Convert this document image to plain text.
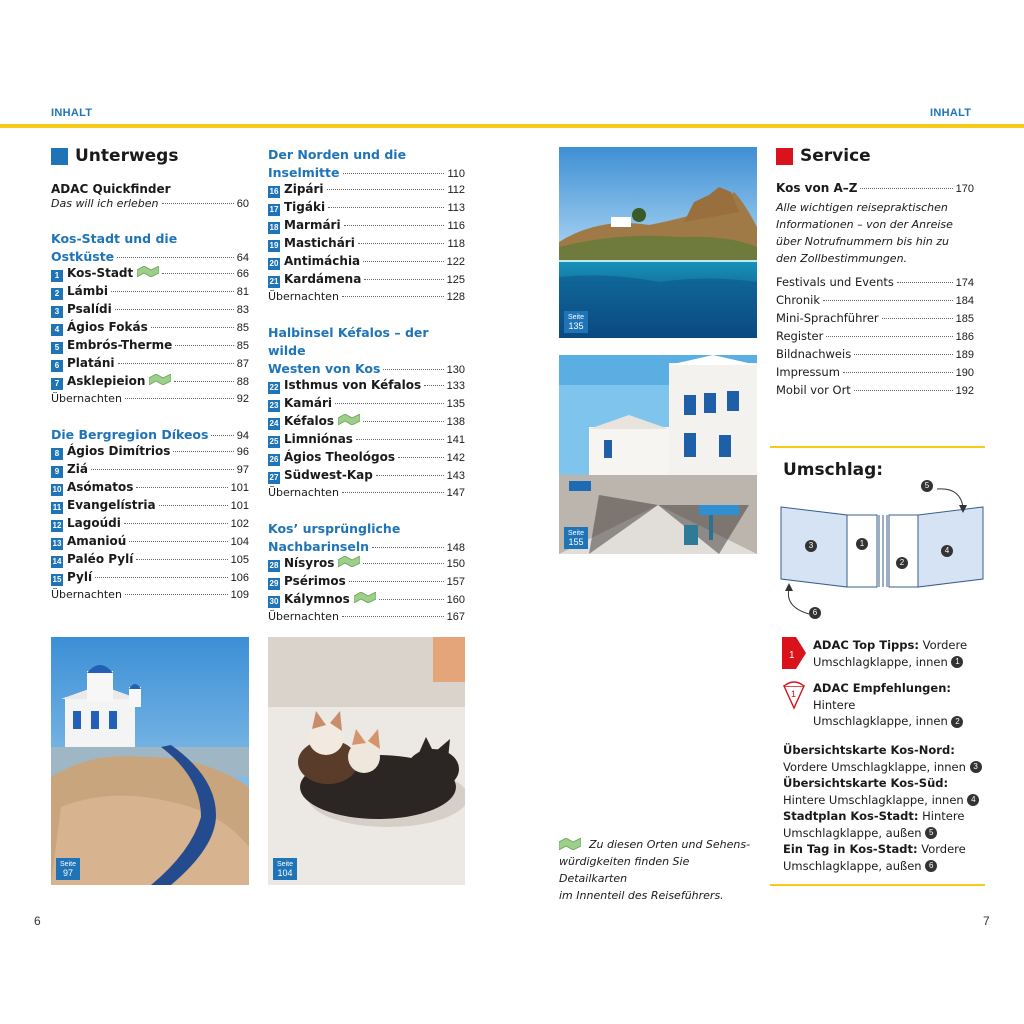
INHALT	INHALT
Unterwegs
ADAC Quickfinder
Das will ich erleben	60
Kos-Stadt und die
Ostküste	64
1 Kos-Stadt	66
2 Lámbi	81
3 Psalídi	83
4 Ágios Fokás	85
5 Embrós-Therme	85
6 Platáni	87
7 Asklepieion	88
Übernachten	92
Die Bergregion Díkeos	94
8 Ágios Dimítrios	96
9 Ziá	97
10 Asómatos	101
11 Evangelístria	101
12 Lagoúdi	102
13 Amanioú	104
14 Paléo Pylí	105
15 Pylí	106
Übernachten	109
Der Norden und die
Inselmitte	110
16 Zipári	112
17 Tigáki	113
18 Marmári	116
19 Mastichári	118
20 Antimáchia	122
21 Kardámena	125
Übernachten	128
Halbinsel Kéfalos – der wilde
Westen von Kos	130
22 Isthmus von Kéfalos 133
23 Kamári	135
24 Kéfalos	138
25 Limniónas	141
26 Ágios Theológos	142
27 Südwest-Kap	143
Übernachten	147
Kos’ ursprüngliche
Nachbarinseln	148
28 Nísyros	150
29 Psérimos	157
30 Kálymnos	160
Übernachten	167
Seite
97
Seite
104
Seite
135
Seite
155
Zu diesen Orten und Sehens-
würdigkeiten finden Sie Detailkarten
im Innenteil des Reiseführers.
Service
Kos von A–Z	170
Alle wichtigen reisepraktischen
Informationen – von der Anreise
über Notrufnummern bis hin zu
den Zollbestimmungen.
Festivals und Events	174
Chronik	184
Mini-Sprachführer	185
Register	186
Bildnachweis	189
Impressum	190
Mobil vor Ort	192
Umschlag:
3	1
2
4
5
6
1
ADAC Top Tipps: Vordere
Umschlagklappe, innen 1
1 ADAC Empfehlungen: Hintere
Umschlagklappe, innen 2
Übersichtskarte Kos-Nord:
Vordere Umschlagklappe, innen 3
Übersichtskarte Kos-Süd:
Hintere Umschlagklappe, innen 4
Stadtplan Kos-Stadt: Hintere
Umschlagklappe, außen 5
Ein Tag in Kos-Stadt: Vordere
Umschlagklappe, außen 6
6	7
